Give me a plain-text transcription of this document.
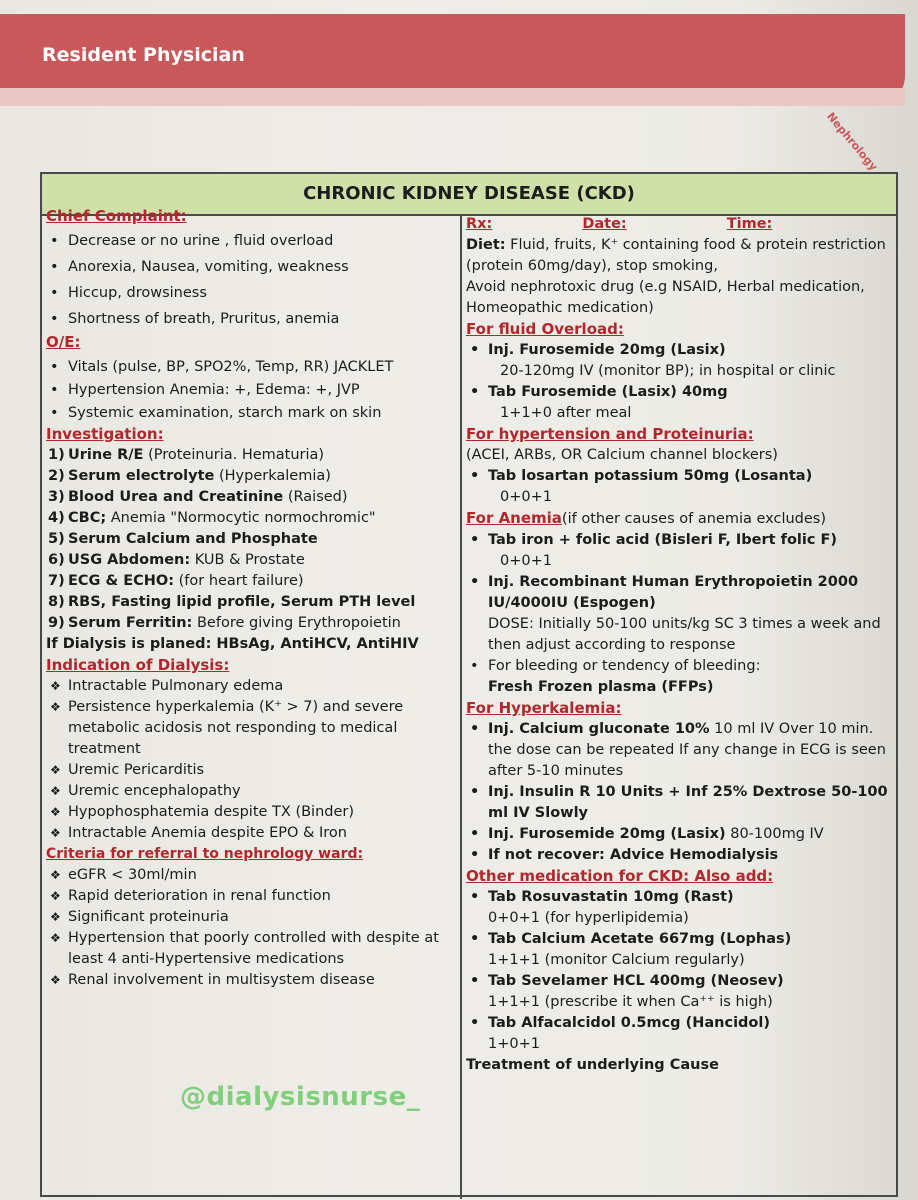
Resident Physician
Nephrology
CHRONIC KIDNEY DISEASE (CKD)
Chief Complaint:
• Decrease or no urine , fluid overload
• Anorexia, Nausea, vomiting, weakness
• Hiccup, drowsiness
• Shortness of breath, Pruritus, anemia
O/E:
• Vitals (pulse, BP, SPO2%, Temp, RR) JACKLET
• Hypertension Anemia: +, Edema: +, JVP
• Systemic examination, starch mark on skin
Investigation:
1) Urine R/E (Proteinuria. Hematuria)
2) Serum electrolyte (Hyperkalemia)
3) Blood Urea and Creatinine (Raised)
4) CBC; Anemia "Normocytic normochromic"
5) Serum Calcium and Phosphate
6) USG Abdomen: KUB & Prostate
7) ECG & ECHO: (for heart failure)
8) RBS, Fasting lipid profile, Serum PTH level
9) Serum Ferritin: Before giving Erythropoietin
If Dialysis is planed: HBsAg, AntiHCV, AntiHIV
Indication of Dialysis:
❖ Intractable Pulmonary edema
❖ Persistence hyperkalemia (K⁺ > 7) and severe metabolic acidosis not responding to medical treatment
❖ Uremic Pericarditis
❖ Uremic encephalopathy
❖ Hypophosphatemia despite TX (Binder)
❖ Intractable Anemia despite EPO & Iron
Criteria for referral to nephrology ward:
❖ eGFR < 30ml/min
❖ Rapid deterioration in renal function
❖ Significant proteinuria
❖ Hypertension that poorly controlled with despite at least 4 anti-Hypertensive medications
❖ Renal involvement in multisystem disease
Rx:	Date:	Time:
Diet: Fluid, fruits, K⁺ containing food & protein restriction (protein 60mg/day), stop smoking,
Avoid nephrotoxic drug (e.g NSAID, Herbal medication, Homeopathic medication)
For fluid Overload:
• Inj. Furosemide 20mg (Lasix)
20-120mg IV (monitor BP); in hospital or clinic
• Tab Furosemide (Lasix) 40mg
1+1+0 after meal
For hypertension and Proteinuria:
(ACEI, ARBs, OR Calcium channel blockers)
• Tab losartan potassium 50mg (Losanta)
0+0+1
For Anemia(if other causes of anemia excludes)
• Tab iron + folic acid (Bisleri F, Ibert folic F)
0+0+1
• Inj. Recombinant Human Erythropoietin 2000 IU/4000IU (Espogen)
DOSE: Initially 50-100 units/kg SC 3 times a week and then adjust according to response
• For bleeding or tendency of bleeding:
Fresh Frozen plasma (FFPs)
For Hyperkalemia:
• Inj. Calcium gluconate 10% 10 ml IV Over 10 min. the dose can be repeated If any change in ECG is seen after 5-10 minutes
• Inj. Insulin R 10 Units + Inf 25% Dextrose 50-100 ml IV Slowly
• Inj. Furosemide 20mg (Lasix) 80-100mg IV
• If not recover: Advice Hemodialysis
Other medication for CKD: Also add:
• Tab Rosuvastatin 10mg (Rast)
0+0+1 (for hyperlipidemia)
• Tab Calcium Acetate 667mg (Lophas)
1+1+1 (monitor Calcium regularly)
• Tab Sevelamer HCL 400mg (Neosev)
1+1+1 (prescribe it when Ca⁺⁺ is high)
• Tab Alfacalcidol 0.5mcg (Hancidol)
1+0+1
Treatment of underlying Cause
@dialysisnurse_
